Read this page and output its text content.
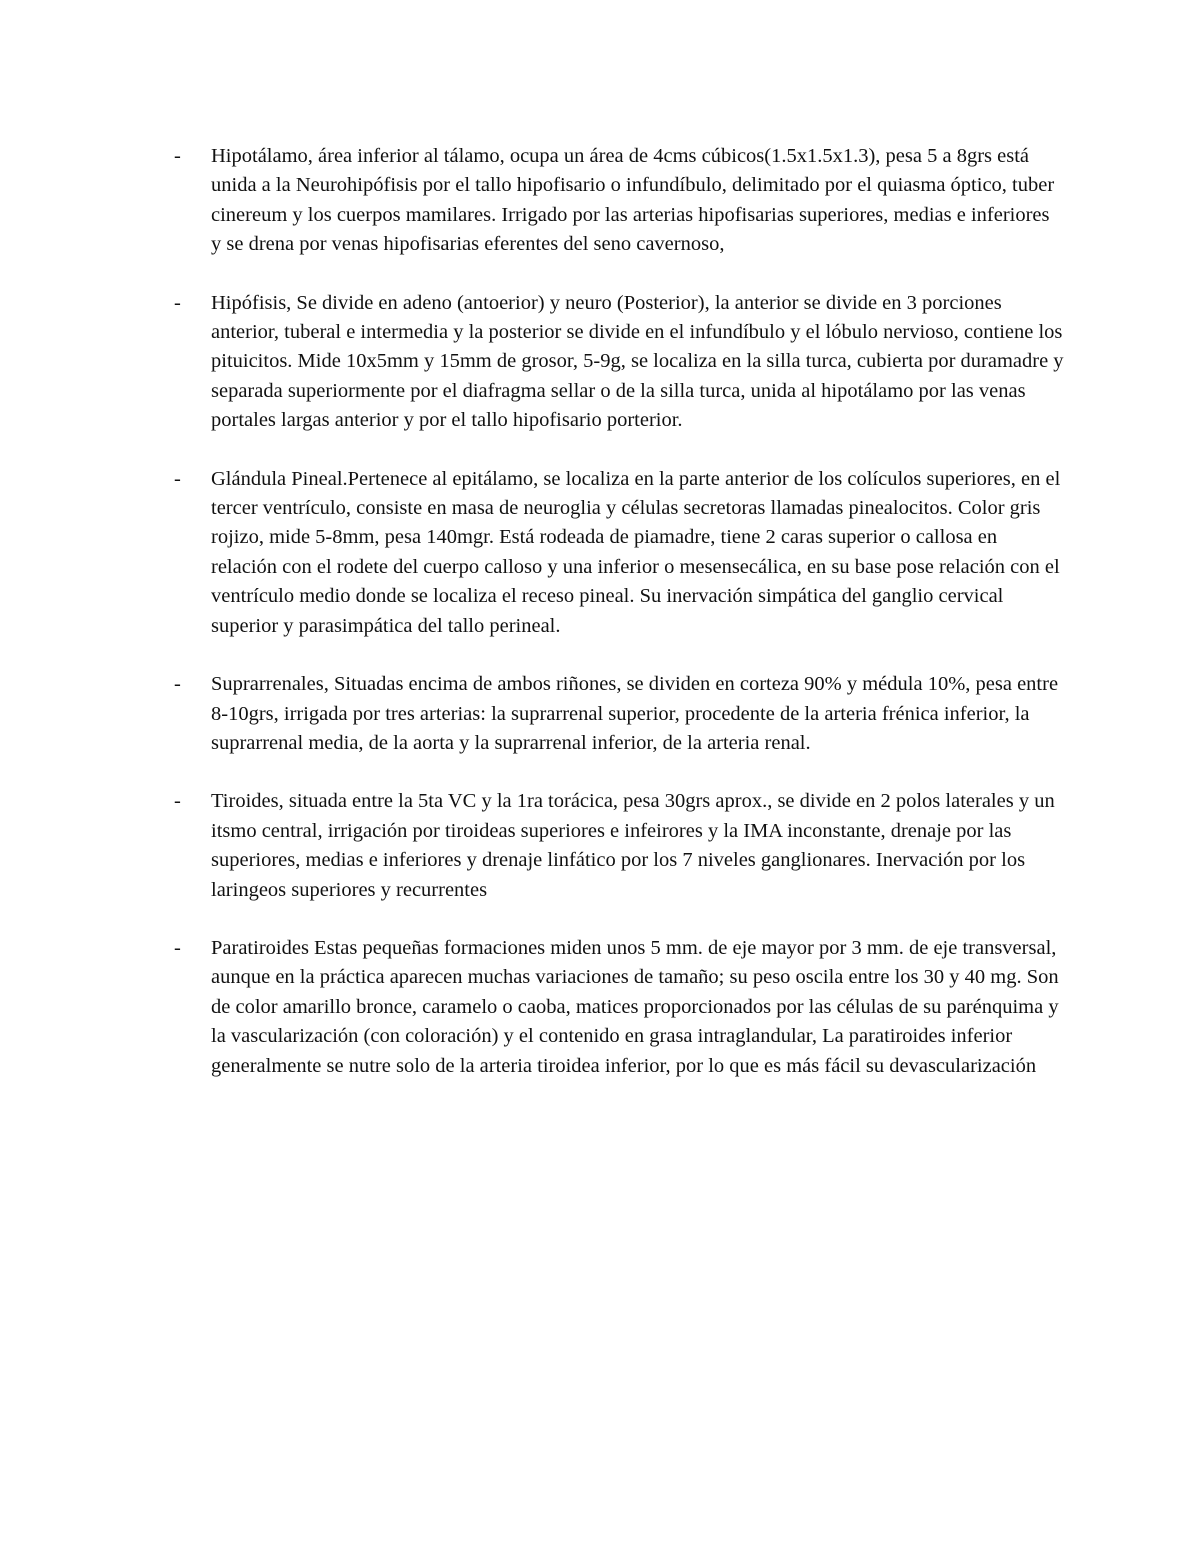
-	Hipotálamo, área inferior al tálamo, ocupa un área de 4cms cúbicos(1.5x1.5x1.3), pesa 5 a 8grs está unida a la Neurohipófisis por el tallo hipofisario o infundíbulo, delimitado por el quiasma óptico, tuber cinereum y los cuerpos mamilares. Irrigado por las arterias hipofisarias superiores, medias e inferiores y se drena por venas hipofisarias eferentes del seno cavernoso,
-	Hipófisis, Se divide en adeno (antoerior) y neuro (Posterior), la anterior se divide en 3 porciones anterior, tuberal e intermedia y la posterior se divide en el infundíbulo y el lóbulo nervioso, contiene los pituicitos. Mide 10x5mm y 15mm de grosor, 5-9g, se localiza en la silla turca, cubierta por duramadre y separada superiormente por el diafragma sellar o de la silla turca, unida al hipotálamo por las venas portales largas anterior y por el tallo hipofisario porterior.
-	Glándula Pineal.Pertenece al epitálamo, se localiza en la parte anterior de los colículos superiores, en el tercer ventrículo, consiste en masa de neuroglia y células secretoras llamadas pinealocitos. Color gris rojizo, mide 5-8mm, pesa 140mgr. Está rodeada de piamadre, tiene 2 caras superior o callosa en relación con el rodete del cuerpo calloso y una inferior o mesensecálica, en su base pose relación con el ventrículo medio donde se localiza el receso pineal. Su inervación simpática del ganglio cervical superior y parasimpática del tallo perineal.
-	Suprarrenales, Situadas encima de ambos riñones, se dividen en corteza 90% y médula 10%, pesa entre 8-10grs, irrigada por tres arterias: la suprarrenal superior, procedente de la arteria frénica inferior, la suprarrenal media, de la aorta y la suprarrenal inferior, de la arteria renal.
-	Tiroides, situada entre la 5ta VC y la 1ra torácica, pesa 30grs aprox., se divide en 2 polos laterales y un itsmo central, irrigación por tiroideas superiores e infeirores y la IMA inconstante, drenaje por las superiores, medias e inferiores y drenaje linfático por los 7 niveles ganglionares. Inervación por los laringeos superiores y recurrentes
-	Paratiroides Estas pequeñas formaciones miden unos 5 mm. de eje mayor por 3 mm. de eje transversal, aunque en la práctica aparecen muchas variaciones de tamaño; su peso oscila entre los 30 y 40 mg. Son de color amarillo bronce, caramelo o caoba, matices proporcionados por las células de su parénquima y la vascularización (con coloración) y el contenido en grasa intraglandular, La paratiroides inferior generalmente se nutre solo de la arteria tiroidea inferior, por lo que es más fácil su devascularización
